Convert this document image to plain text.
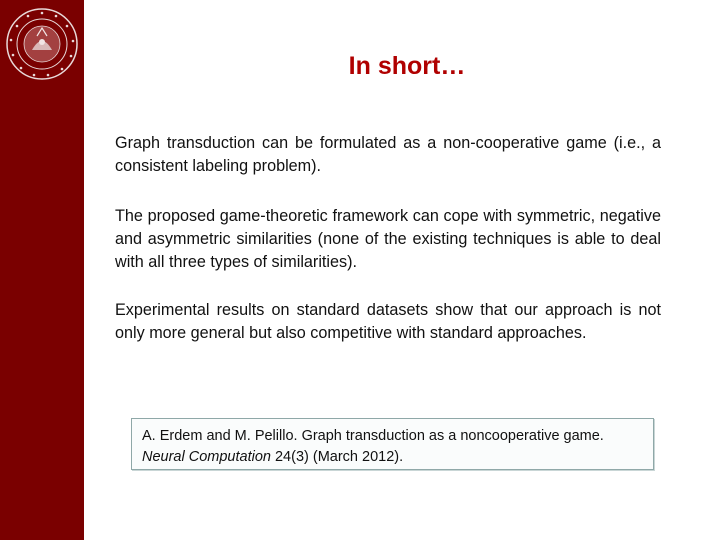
In short…
Graph transduction can be formulated as a non-cooperative game (i.e., a consistent labeling problem).
The proposed game-theoretic framework can cope with symmetric, negative and asymmetric similarities (none of the existing techniques is able to deal with all three types of similarities).
Experimental results on standard datasets show that our approach is not only more general but also competitive with standard approaches.
A. Erdem and M. Pelillo. Graph transduction as a noncooperative game.
Neural Computation 24(3) (March 2012).
